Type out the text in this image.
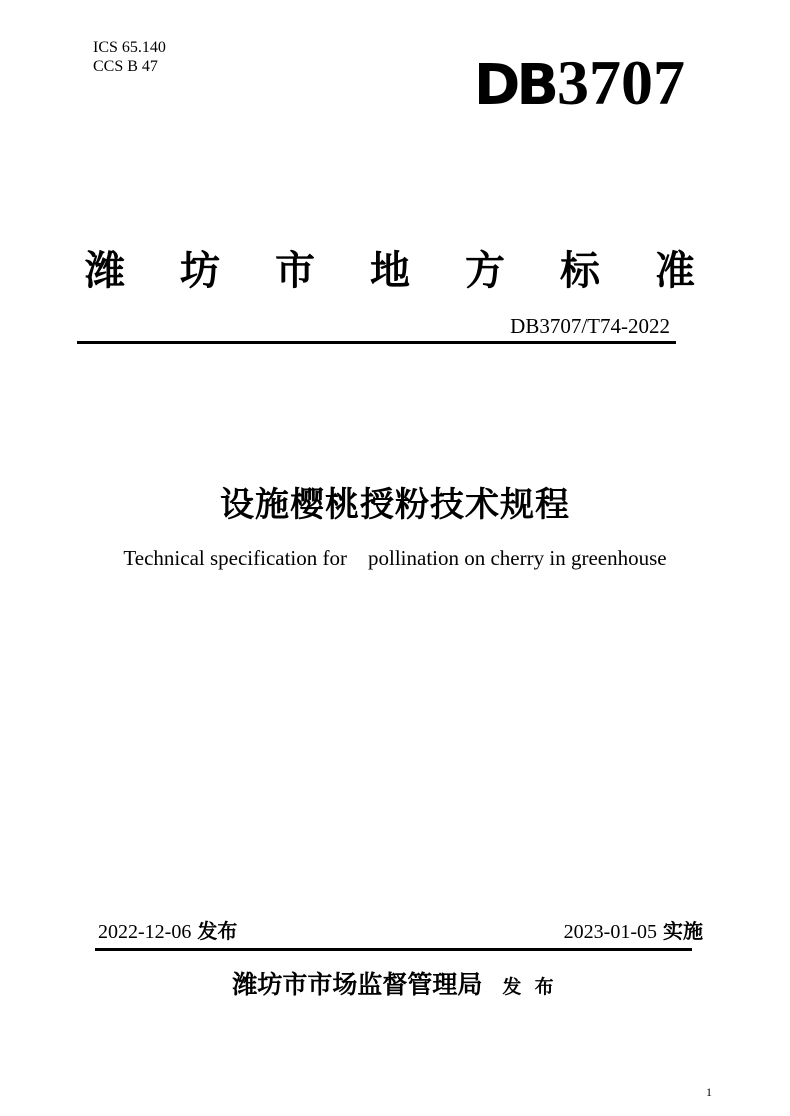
ICS 65.140
CCS B 47	DB3707
潍坊市地方标准
DB3707/T74-2022
设施樱桃授粉技术规程
Technical specification for    pollination on cherry in greenhouse
2022-12-06 发布	2023-01-05 实施
潍坊市市场监督管理局 发 布
1
